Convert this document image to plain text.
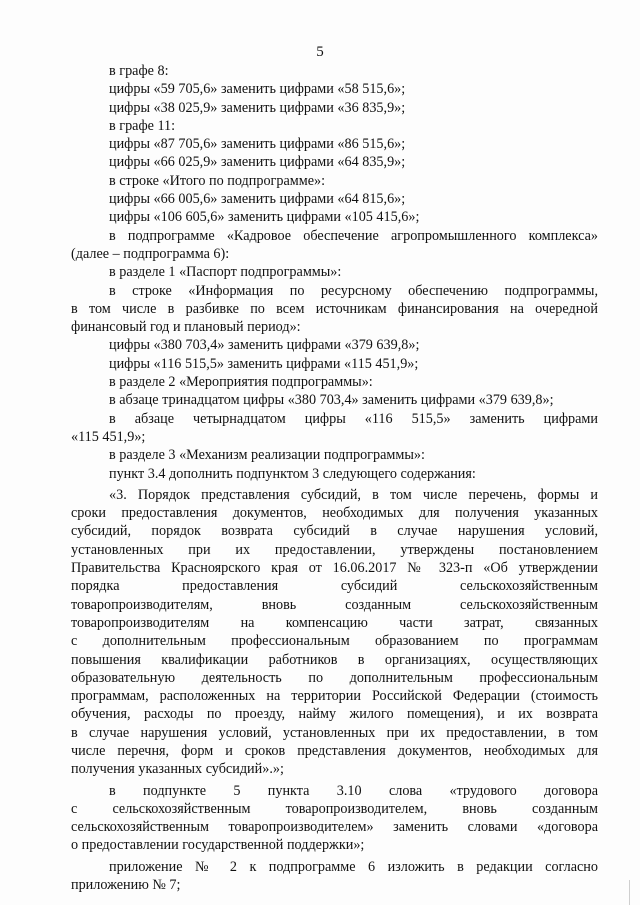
5
в графе 8:
цифры «59 705,6» заменить цифрами «58 515,6»;
цифры «38 025,9» заменить цифрами «36 835,9»;
в графе 11:
цифры «87 705,6» заменить цифрами «86 515,6»;
цифры «66 025,9» заменить цифрами «64 835,9»;
в строке «Итого по подпрограмме»:
цифры «66 005,6» заменить цифрами «64 815,6»;
цифры «106 605,6» заменить цифрами «105 415,6»;
в подпрограмме «Кадровое обеспечение агропромышленного комплекса»
(далее – подпрограмма 6):
в разделе 1 «Паспорт подпрограммы»:
в строке «Информация по ресурсному обеспечению подпрограммы,
в том числе в разбивке по всем источникам финансирования на очередной
финансовый год и плановый период»:
цифры «380 703,4» заменить цифрами «379 639,8»;
цифры «116 515,5» заменить цифрами «115 451,9»;
в разделе 2 «Мероприятия подпрограммы»:
в абзаце тринадцатом цифры «380 703,4» заменить цифрами «379 639,8»;
в абзаце четырнадцатом цифры «116 515,5» заменить цифрами
«115 451,9»;
в разделе 3 «Механизм реализации подпрограммы»:
пункт 3.4 дополнить подпунктом 3 следующего содержания:
«3. Порядок представления субсидий, в том числе перечень, формы и
сроки предоставления документов, необходимых для получения указанных
субсидий, порядок возврата субсидий в случае нарушения условий,
установленных при их предоставлении, утверждены постановлением
Правительства Красноярского края от 16.06.2017 № 323-п «Об утверждении
порядка предоставления субсидий сельскохозяйственным
товаропроизводителям, вновь созданным сельскохозяйственным
товаропроизводителям на компенсацию части затрат, связанных
с дополнительным профессиональным образованием по программам
повышения квалификации работников в организациях, осуществляющих
образовательную деятельность по дополнительным профессиональным
программам, расположенных на территории Российской Федерации (стоимость
обучения, расходы по проезду, найму жилого помещения), и их возврата
в случае нарушения условий, установленных при их предоставлении, в том
числе перечня, форм и сроков представления документов, необходимых для
получения указанных субсидий».»;
в подпункте 5 пункта 3.10 слова «трудового договора
с сельскохозяйственным товаропроизводителем, вновь созданным
сельскохозяйственным товаропроизводителем» заменить словами «договора
о предоставлении государственной поддержки»;
приложение № 2 к подпрограмме 6 изложить в редакции согласно
приложению № 7;
